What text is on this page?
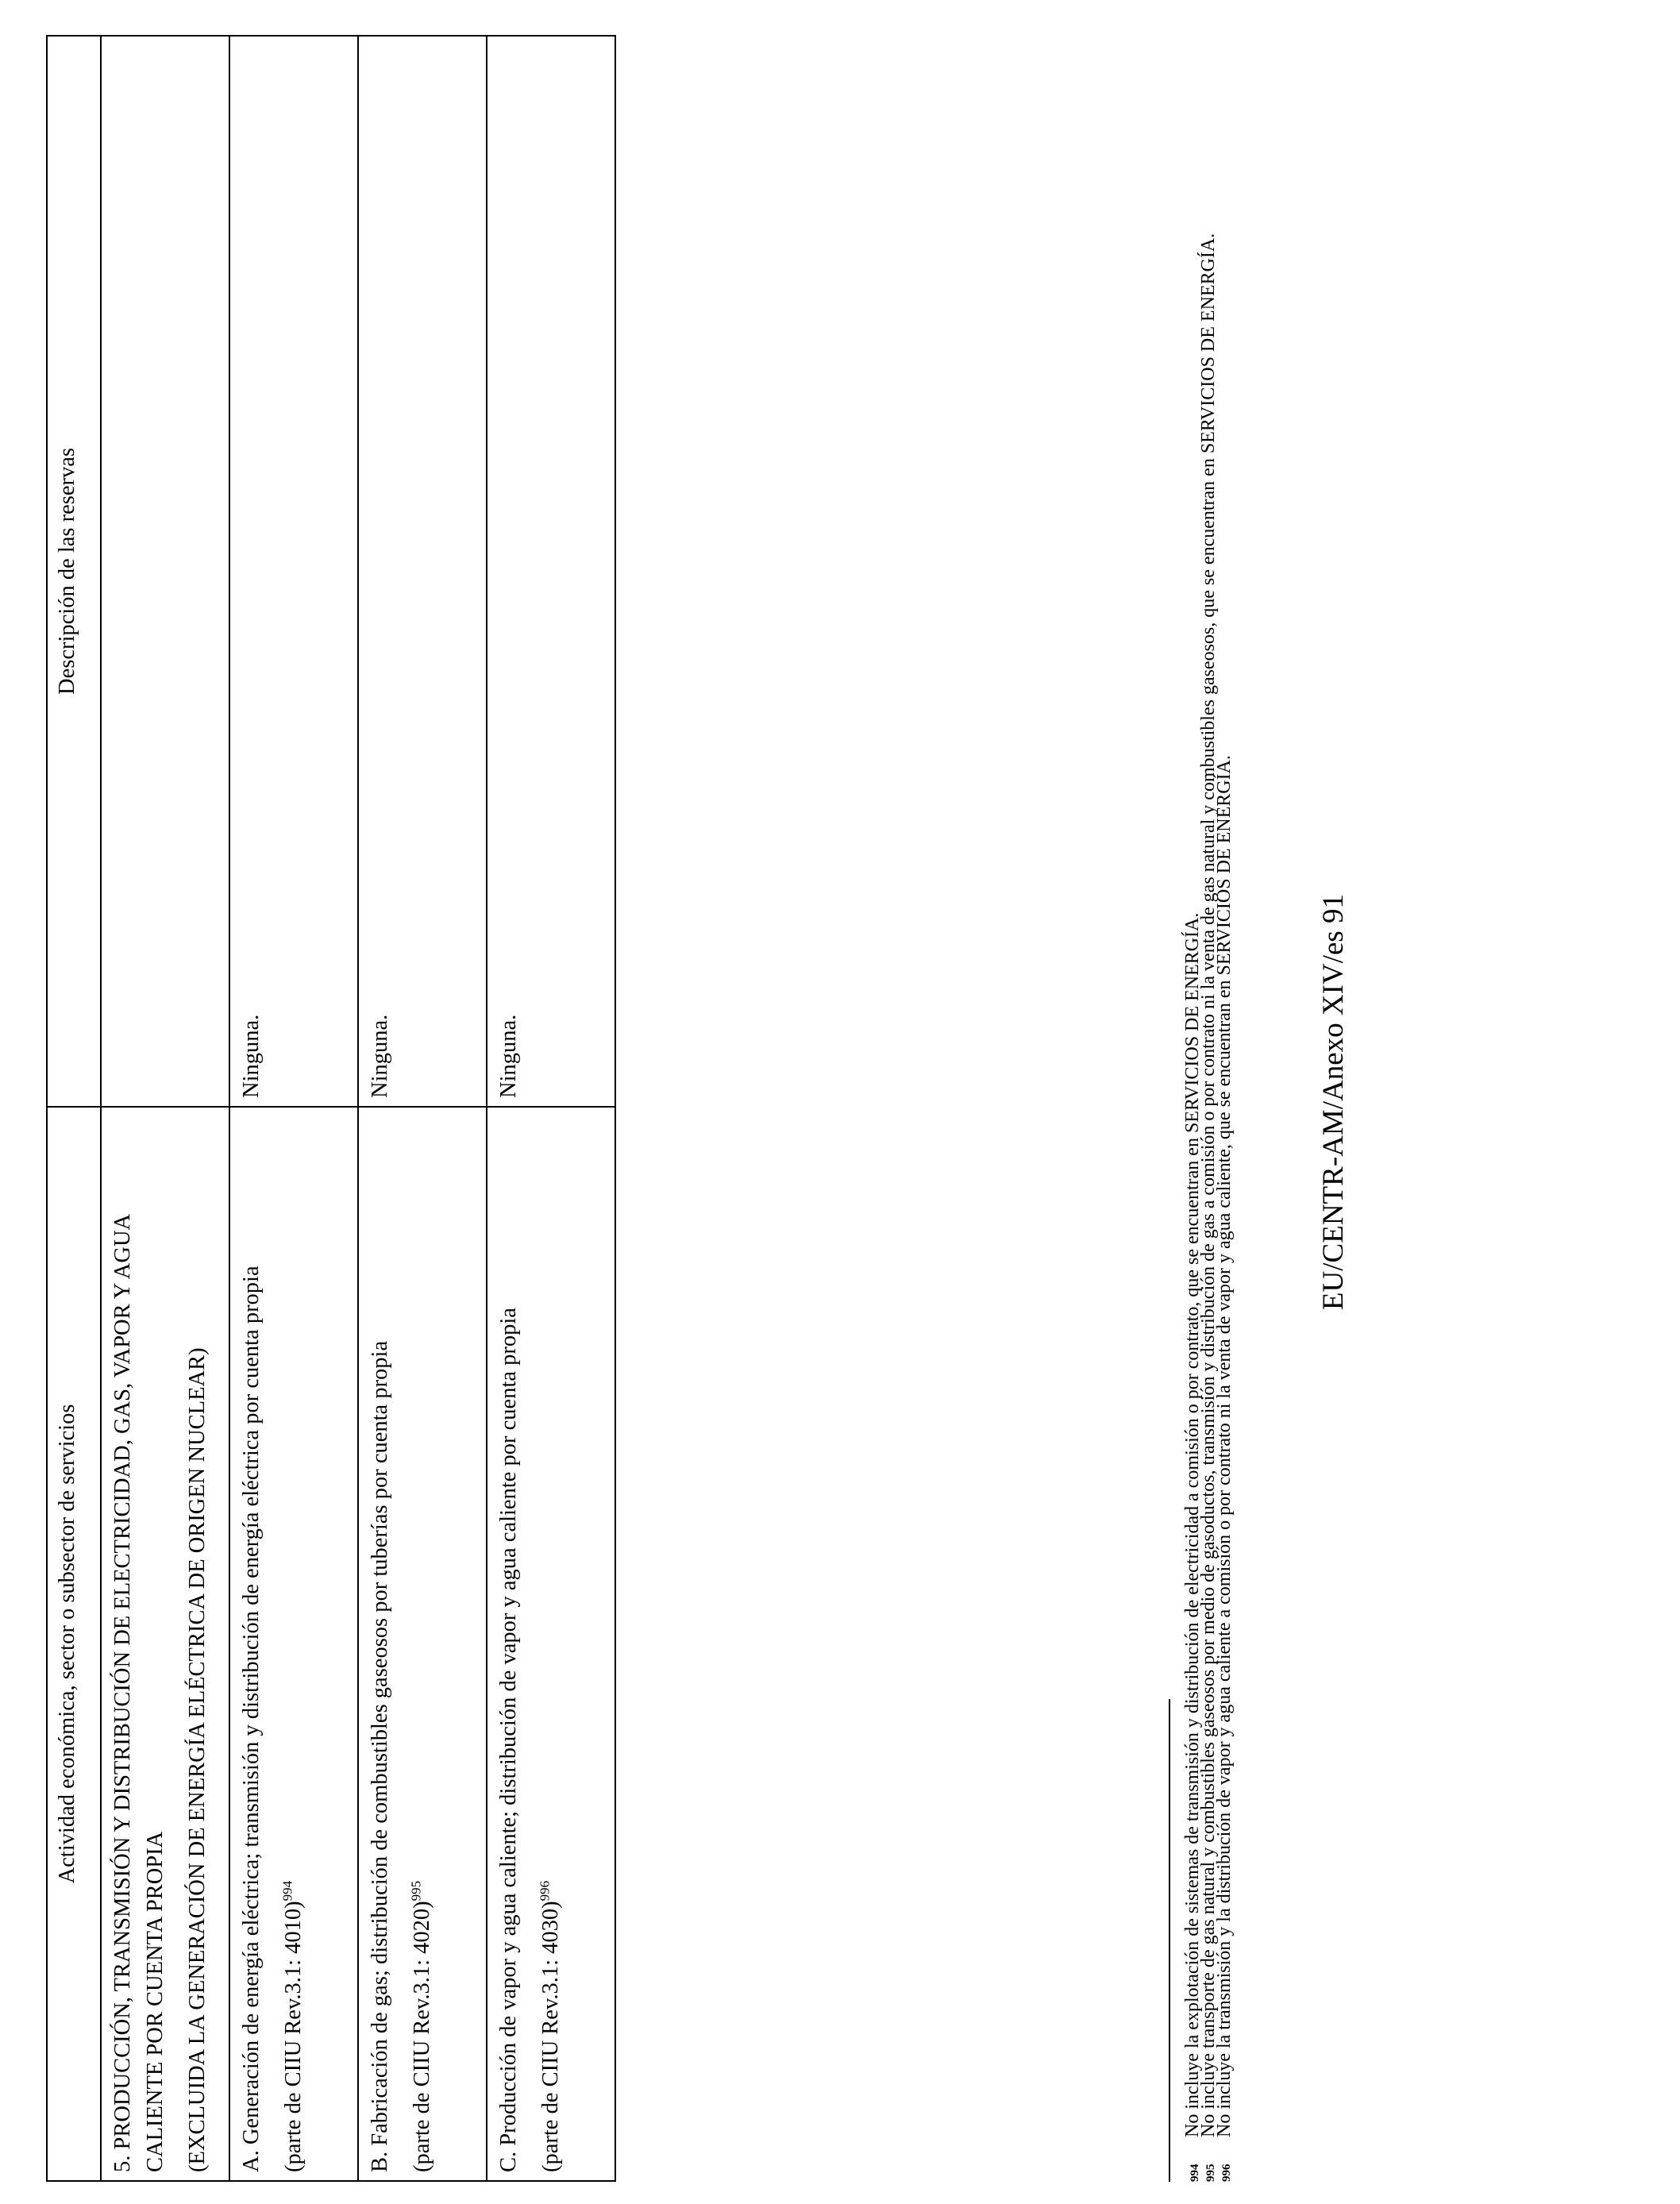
Actividad económica, sector o subsector de servicios	Descripción de las reservas

5. PRODUCCIÓN, TRANSMISIÓN Y DISTRIBUCIÓN DE ELECTRICIDAD, GAS, VAPOR Y AGUA CALIENTE POR CUENTA PROPIA (EXCLUIDA LA GENERACIÓN DE ENERGÍA ELÉCTRICA DE ORIGEN NUCLEAR)	

A. Generación de energía eléctrica; transmisión y distribución de energía eléctrica por cuenta propia (parte de CIIU Rev.3.1: 4010)$^{994}$	Ninguna.

B. Fabricación de gas; distribución de combustibles gaseosos por tuberías por cuenta propia (parte de CIIU Rev.3.1: 4020)$^{995}$	Ninguna.

C. Producción de vapor y agua caliente; distribución de vapor y agua caliente por cuenta propia (parte de CIIU Rev.3.1: 4030)$^{996}$	Ninguna.

994
No incluye la explotación de sistemas de transmisión y distribución de electricidad a comisión o por contrato, que se encuentran en SERVICIOS DE ENERGÍA.

995
No incluye transporte de gas natural y combustibles gaseosos por medio de gasoductos, transmisión y distribución de gas a comisión o por contrato ni la venta de gas natural y combustibles gaseosos, que se encuentran en SERVICIOS DE ENERGÍA.

996
No incluye la transmisión y la distribución de vapor y agua caliente a comisión o por contrato ni la venta de vapor y agua caliente, que se encuentran en SERVICIOS DE ENERGÍA.	EU/CENTR-AM/Anexo XIV/es 91
